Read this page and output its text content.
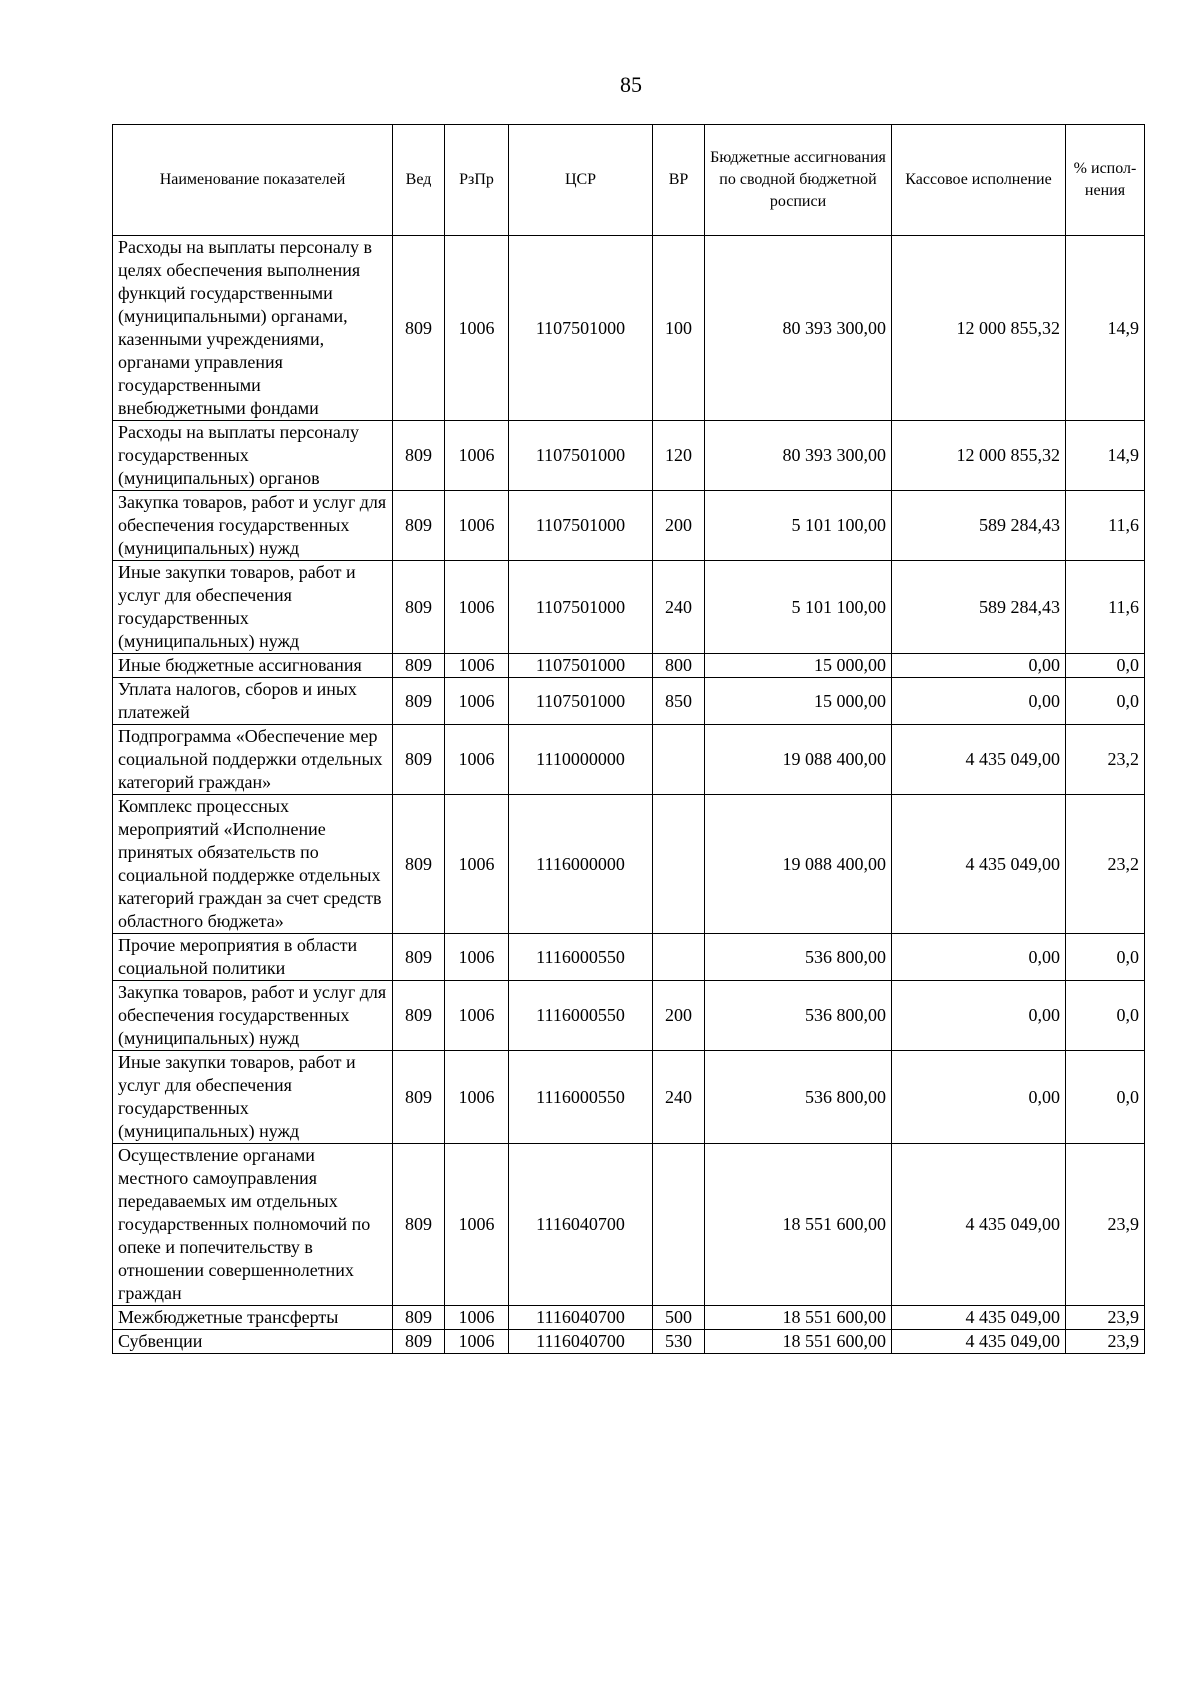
85
Наименование показателей	Вед	РзПр	ЦСР	ВР	Бюджетные ассигнования по сводной бюджетной росписи	Кассовое исполнение	% испол-нения
Расходы на выплаты персоналу в целях обеспечения выполнения функций государственными (муниципальными) органами, казенными учреждениями, органами управления государственными внебюджетными фондами	809	1006	1107501000	100	80 393 300,00	12 000 855,32	14,9
Расходы на выплаты персоналу государственных (муниципальных) органов	809	1006	1107501000	120	80 393 300,00	12 000 855,32	14,9
Закупка товаров, работ и услуг для обеспечения государственных (муниципальных) нужд	809	1006	1107501000	200	5 101 100,00	589 284,43	11,6
Иные закупки товаров, работ и услуг для обеспечения государственных (муниципальных) нужд	809	1006	1107501000	240	5 101 100,00	589 284,43	11,6
Иные бюджетные ассигнования	809	1006	1107501000	800	15 000,00	0,00	0,0
Уплата налогов, сборов и иных платежей	809	1006	1107501000	850	15 000,00	0,00	0,0
Подпрограмма «Обеспечение мер социальной поддержки отдельных категорий граждан»	809	1006	1110000000		19 088 400,00	4 435 049,00	23,2
Комплекс процессных мероприятий «Исполнение принятых обязательств по социальной поддержке отдельных категорий граждан за счет средств областного бюджета»	809	1006	1116000000		19 088 400,00	4 435 049,00	23,2
Прочие мероприятия в области социальной политики	809	1006	1116000550		536 800,00	0,00	0,0
Закупка товаров, работ и услуг для обеспечения государственных (муниципальных) нужд	809	1006	1116000550	200	536 800,00	0,00	0,0
Иные закупки товаров, работ и услуг для обеспечения государственных (муниципальных) нужд	809	1006	1116000550	240	536 800,00	0,00	0,0
Осуществление органами местного самоуправления передаваемых им отдельных государственных полномочий по опеке и попечительству в отношении совершеннолетних граждан	809	1006	1116040700		18 551 600,00	4 435 049,00	23,9
Межбюджетные трансферты	809	1006	1116040700	500	18 551 600,00	4 435 049,00	23,9
Субвенции	809	1006	1116040700	530	18 551 600,00	4 435 049,00	23,9
